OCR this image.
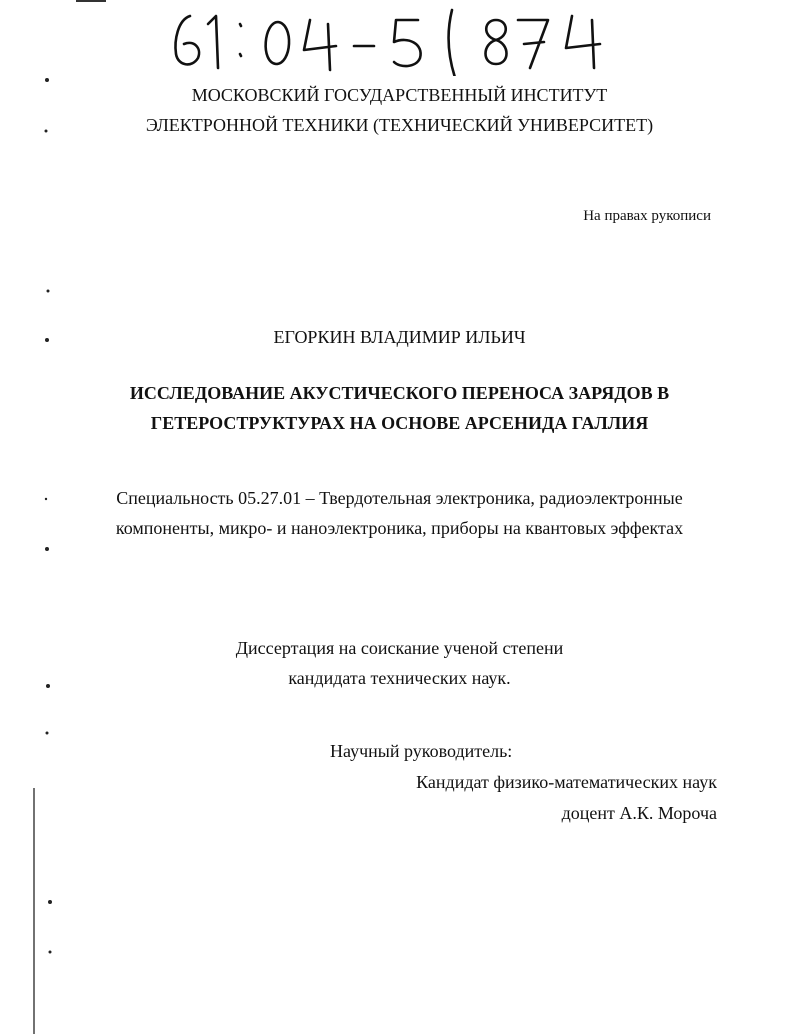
МОСКОВСКИЙ ГОСУДАРСТВЕННЫЙ ИНСТИТУТ
ЭЛЕКТРОННОЙ ТЕХНИКИ (ТЕХНИЧЕСКИЙ УНИВЕРСИТЕТ)
На правах рукописи
ЕГОРКИН ВЛАДИМИР ИЛЬИЧ
ИССЛЕДОВАНИЕ АКУСТИЧЕСКОГО ПЕРЕНОСА ЗАРЯДОВ В
ГЕТЕРОСТРУКТУРАХ НА ОСНОВЕ АРСЕНИДА ГАЛЛИЯ
Специальность 05.27.01 – Твердотельная электроника, радиоэлектронные
компоненты, микро- и наноэлектроника, приборы на квантовых эффектах
Диссертация на соискание ученой степени
кандидата технических наук.
Научный руководитель:
Кандидат физико-математических наук
доцент А.К. Мороча
